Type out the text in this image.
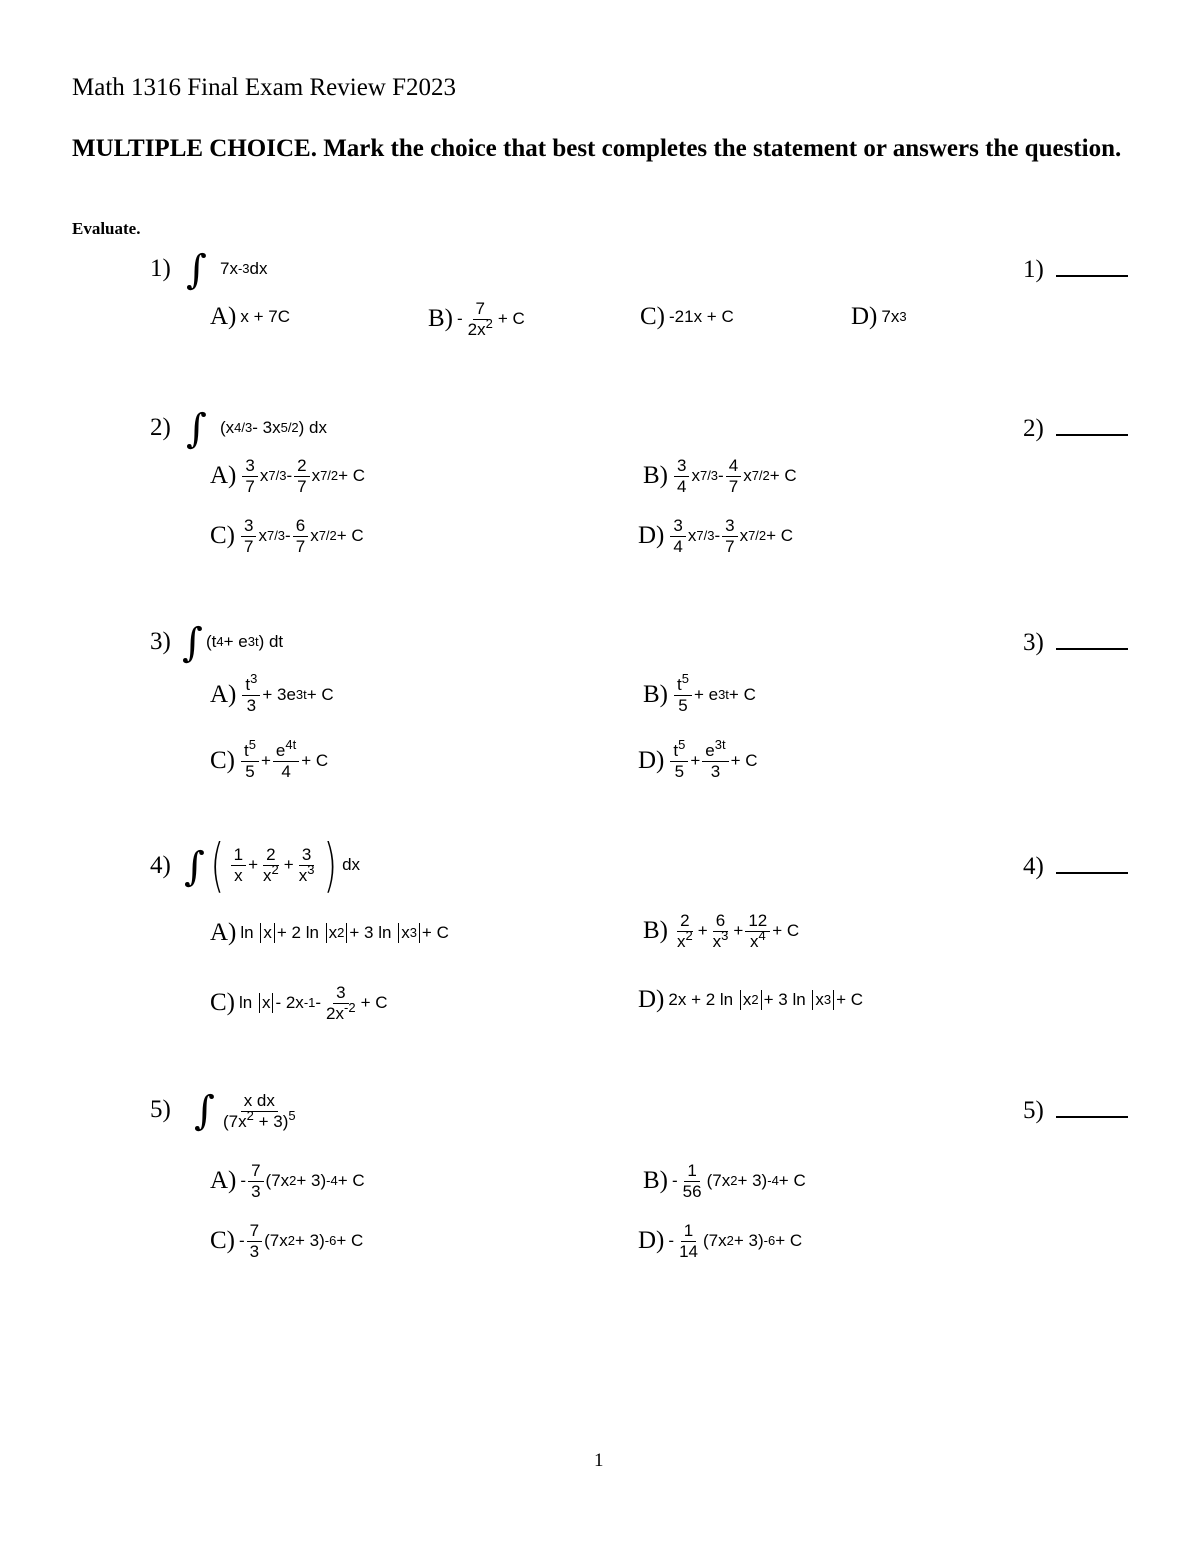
Math 1316 Final Exam Review F2023
MULTIPLE CHOICE. Mark the choice that best completes the statement or answers the question.
Evaluate.
1) ∫ 7x -3 dx	1)
A) x + 7C	$B) - \frac{7}{2x^2} + C$	C) -21x + C	D) 7x 3
2) ∫ (x 4/3 - 3x 5/2 ) dx	2)
$A) \frac{3}{7}$ x $7/3 - \frac{2}{7}$ x 7/2 + C	$B) \frac{3}{4}$ x $7/3 - \frac{4}{7}$ x 7/2 + C
$C) \frac{3}{7}$ x $7/3 - \frac{6}{7}$ x 7/2 + C	$D) \frac{3}{4}$ x $7/3 - \frac{3}{7}$ x 7/2 + C
3) ∫ (t 4 + e 3t ) dt	3)
$A) \frac{t^3}{3} + 3e$ 3t + C	$B) \frac{t^5}{5} + e$ 3t + C
$C) \frac{t^5}{5} + \frac{e^{4t}}{4} + C$	$D) \frac{t^5}{5} + \frac{e^{3t}}{3} + C$
4) ∫ ( $\frac{1}{x} + \frac{2}{x^2} + \frac{3}{x^3}$ ) dx	4)
A) ln
x + 2 ln
x 2 + 3 ln
x 3 + C	$B) \frac{2}{x^2} + \frac{6}{x^3} + \frac{12}{x^4} + C$
C) ln
x - 2x $-1 - \frac{3}{2x^{-2}} + C$	D) 2x + 2 ln
x 2 + 3 ln
x 3 + C
5) ∫ $\frac{\text{x dx}}{(7x^2 + 3)^5}$	5)
$A) - \frac{7}{3} (7x$ 2 + 3) -4 + C	$B) - \frac{1}{56} (7x$ 2 + 3) -4 + C
$C) - \frac{7}{3} (7x$ 2 + 3) -6 + C	$D) - \frac{1}{14} (7x$ 2 + 3) -6 + C
1
